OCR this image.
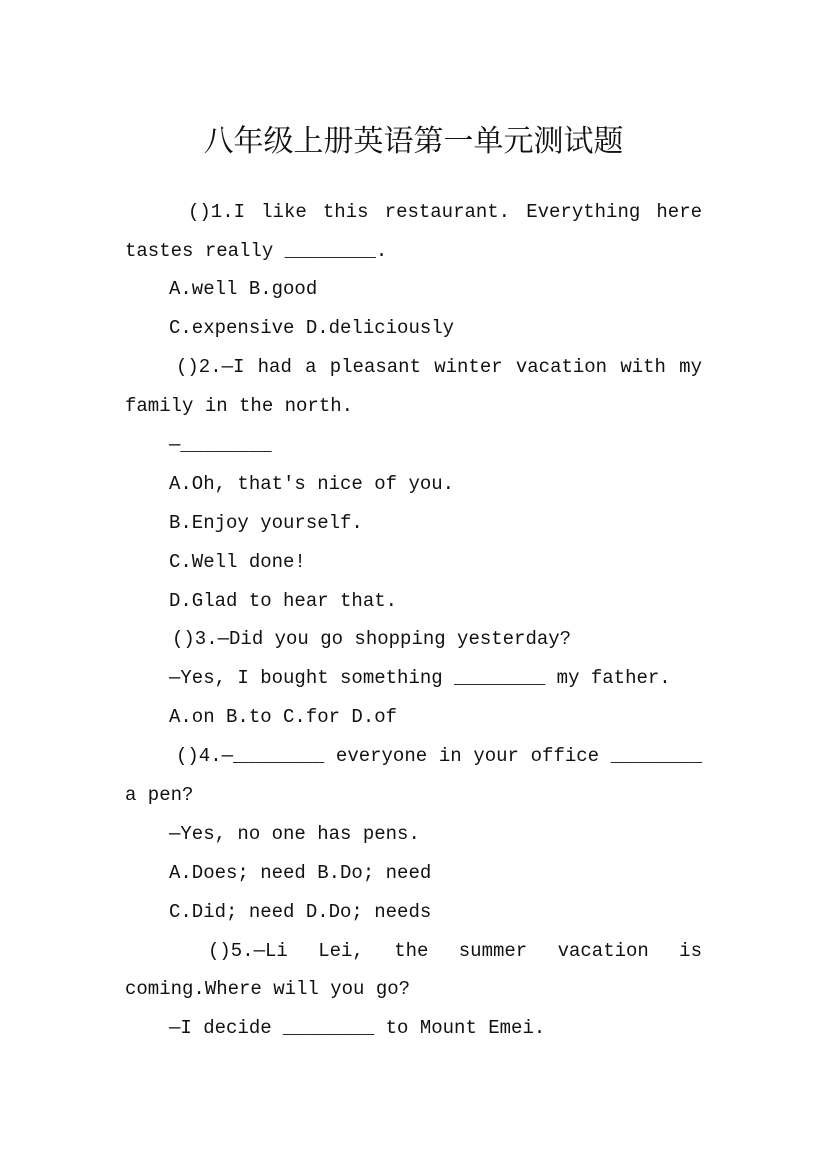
八年级上册英语第一单元测试题
()1.I like this restaurant. Everything here
tastes really ________.
A.well B.good
C.expensive D.deliciously
()2.—I had a pleasant winter vacation with my
family in the north.
—________
A.Oh, that's nice of you.
B.Enjoy yourself.
C.Well done!
D.Glad to hear that.
()3.—Did you go shopping yesterday?
—Yes, I bought something ________ my father.
A.on B.to C.for D.of
()4.—________ everyone in your office ________
a pen?
—Yes, no one has pens.
A.Does; need B.Do; need
C.Did; need D.Do; needs
()5.—Li Lei, the summer vacation is
coming.Where will you go?
—I decide ________ to Mount Emei.
